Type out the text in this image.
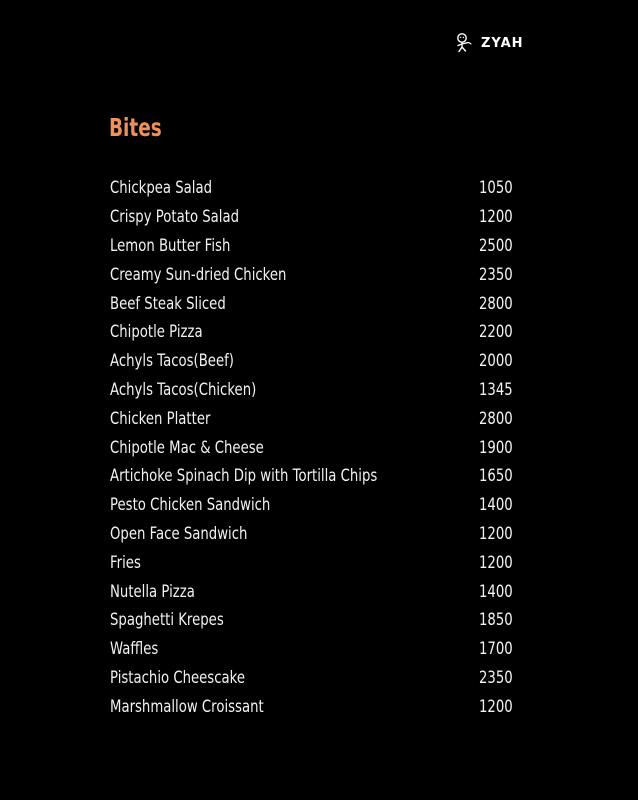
ZYAH
Bites
Chickpea Salad	1050
Crispy Potato Salad	1200
Lemon Butter Fish	2500
Creamy Sun-dried Chicken	2350
Beef Steak Sliced	2800
Chipotle Pizza	2200
Achyls Tacos(Beef)	2000
Achyls Tacos(Chicken)	1345
Chicken Platter	2800
Chipotle Mac & Cheese	1900
Artichoke Spinach Dip with Tortilla Chips	1650
Pesto Chicken Sandwich	1400
Open Face Sandwich	1200
Fries	1200
Nutella Pizza	1400
Spaghetti Krepes	1850
Waffles	1700
Pistachio Cheescake	2350
Marshmallow Croissant	1200
